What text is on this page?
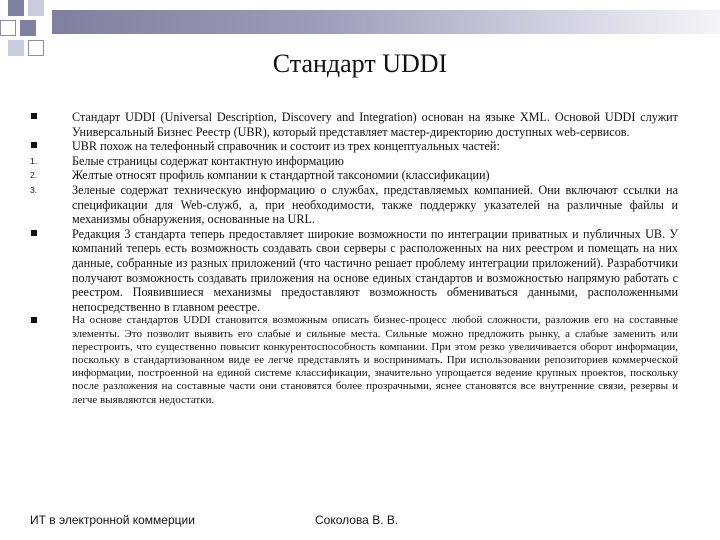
Стандарт UDDI
Стандарт UDDI (Universal Description, Discovery and Integration) основан на языке XML. Основой UDDI служит Универсальный Бизнес Реестр (UBR), который представляет мастер-директорию доступных web-сервисов.
UBR похож на телефонный справочник и состоит из трех концептуальных частей:
1.	Белые страницы содержат контактную информацию
2.	Желтые относят профиль компании к стандартной таксономии (классификации)
3.	Зеленые содержат техническую информацию о службах, представляемых компанией. Они включают ссылки на спецификации для Web-служб, а, при необходимости, также поддержку указателей на различные файлы и механизмы обнаружения, основанные на URL.
Редакция 3 стандарта теперь предоставляет широкие возможности по интеграции приватных и публичных UB. У компаний теперь есть возможность создавать свои серверы с расположенных на них реестром и помещать на них данные, собранные из разных приложений (что частично решает проблему интеграции приложений). Разработчики получают возможность создавать приложения на основе единых стандартов и возможностью напрямую работать с реестром. Появившиеся механизмы предоставляют возможность обмениваться данными, расположенными непосредственно в главном реестре.
На основе стандартов UDDI становится возможным описать бизнес-процесс любой сложности, разложив его на составные элементы. Это позволит выявить его слабые и сильные места. Сильные можно предложить рынку, а слабые заменить или перестроить, что существенно повысит конкурентоспособность компании. При этом резко увеличивается оборот информации, поскольку в стандартизованном виде ее легче представлять и воспринимать. При использовании репозиториев коммерческой информации, построенной на единой системе классификации, значительно упрощается ведение крупных проектов, поскольку после разложения на составные части они становятся более прозрачными, яснее становятся все внутренние связи, резервы и легче выявляются недостатки.
ИТ в электронной коммерции	Соколова В. В.
